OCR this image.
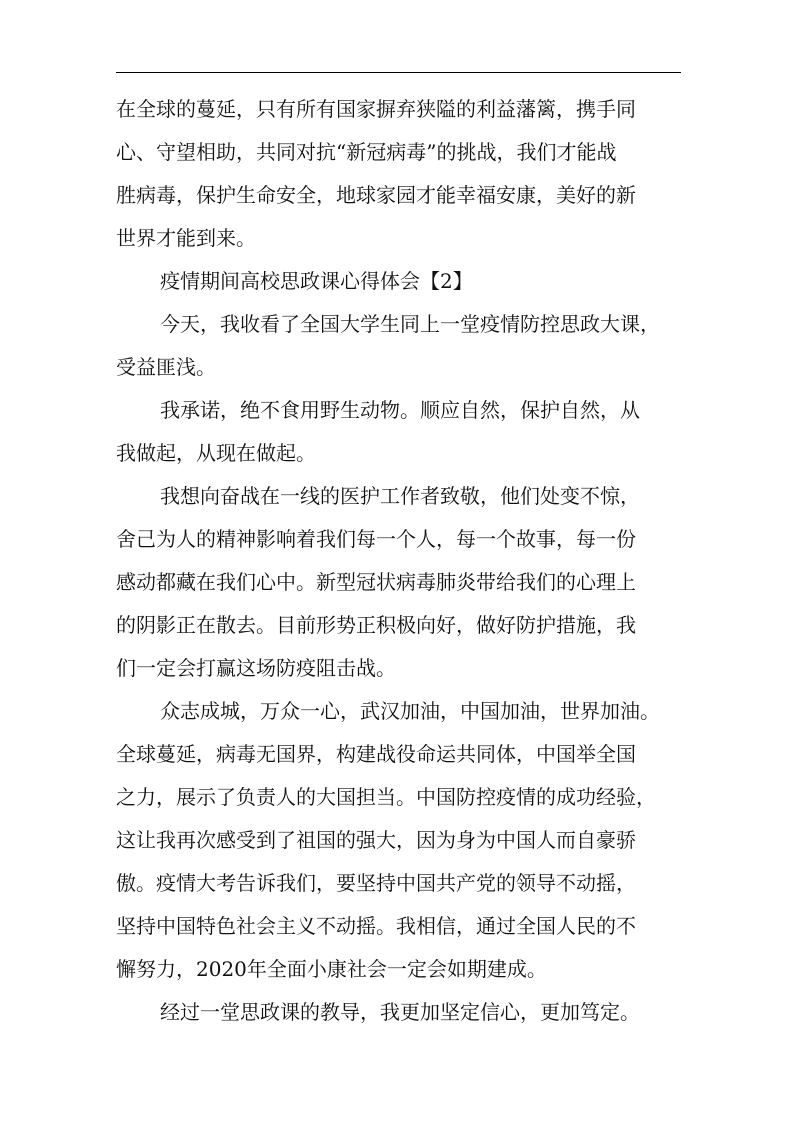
在全球的蔓延，只有所有国家摒弃狭隘的利益藩篱，携手同

心、守望相助，共同对抗“新冠病毒”的挑战，我们才能战

胜病毒，保护生命安全，地球家园才能幸福安康，美好的新

世界才能到来。

疫情期间高校思政课心得体会【2】

今天，我收看了全国大学生同上一堂疫情防控思政大课，

受益匪浅。

我承诺，绝不食用野生动物。顺应自然，保护自然，从

我做起，从现在做起。

我想向奋战在一线的医护工作者致敬，他们处变不惊，

舍己为人的精神影响着我们每一个人，每一个故事，每一份

感动都藏在我们心中。新型冠状病毒肺炎带给我们的心理上

的阴影正在散去。目前形势正积极向好，做好防护措施，我

们一定会打赢这场防疫阻击战。

众志成城，万众一心，武汉加油，中国加油，世界加油。

全球蔓延，病毒无国界，构建战役命运共同体，中国举全国

之力，展示了负责人的大国担当。中国防控疫情的成功经验，

这让我再次感受到了祖国的强大，因为身为中国人而自豪骄

傲。疫情大考告诉我们，要坚持中国共产党的领导不动摇，

坚持中国特色社会主义不动摇。我相信，通过全国人民的不

懈努力，2020年全面小康社会一定会如期建成。

经过一堂思政课的教导，我更加坚定信心，更加笃定。
